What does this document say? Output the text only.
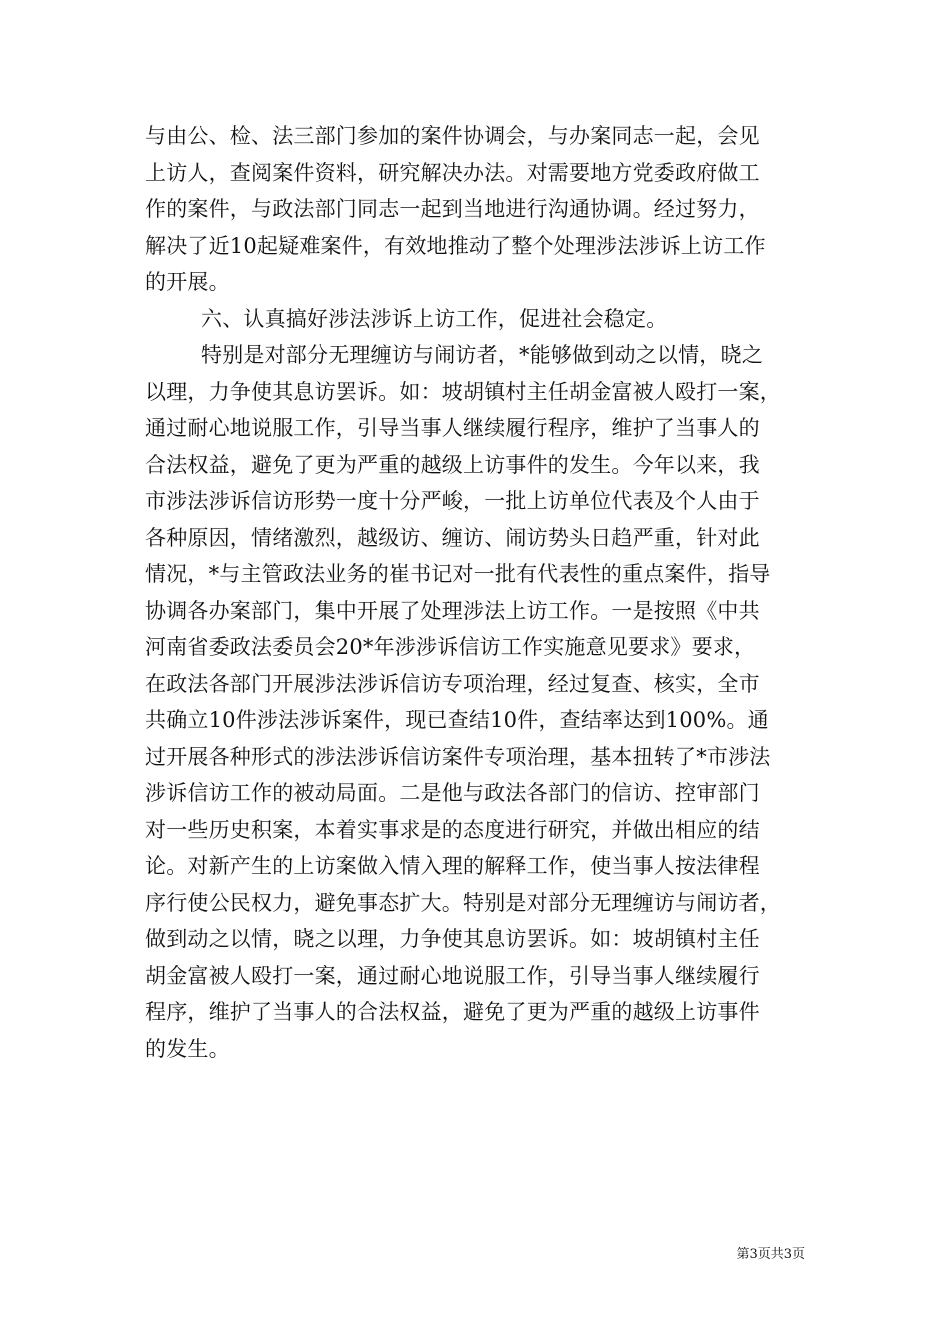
与由公、检、法三部门参加的案件协调会，与办案同志一起，会见
上访人，查阅案件资料，研究解决办法。对需要地方党委政府做工
作的案件，与政法部门同志一起到当地进行沟通协调。经过努力，
解决了近10起疑难案件，有效地推动了整个处理涉法涉诉上访工作
的开展。
六、认真搞好涉法涉诉上访工作，促进社会稳定。
特别是对部分无理缠访与闹访者，*能够做到动之以情，晓之
以理，力争使其息访罢诉。如：坡胡镇村主任胡金富被人殴打一案，
通过耐心地说服工作，引导当事人继续履行程序，维护了当事人的
合法权益，避免了更为严重的越级上访事件的发生。今年以来，我
市涉法涉诉信访形势一度十分严峻，一批上访单位代表及个人由于
各种原因，情绪激烈，越级访、缠访、闹访势头日趋严重，针对此
情况，*与主管政法业务的崔书记对一批有代表性的重点案件，指导
协调各办案部门，集中开展了处理涉法上访工作。一是按照《中共
河南省委政法委员会20*年涉涉诉信访工作实施意见要求》要求，
在政法各部门开展涉法涉诉信访专项治理，经过复查、核实，全市
共确立10件涉法涉诉案件，现已查结10件，查结率达到100%。通
过开展各种形式的涉法涉诉信访案件专项治理，基本扭转了*市涉法
涉诉信访工作的被动局面。二是他与政法各部门的信访、控审部门
对一些历史积案，本着实事求是的态度进行研究，并做出相应的结
论。对新产生的上访案做入情入理的解释工作，使当事人按法律程
序行使公民权力，避免事态扩大。特别是对部分无理缠访与闹访者，
做到动之以情，晓之以理，力争使其息访罢诉。如：坡胡镇村主任
胡金富被人殴打一案，通过耐心地说服工作，引导当事人继续履行
程序，维护了当事人的合法权益，避免了更为严重的越级上访事件
的发生。
第3页共3页
